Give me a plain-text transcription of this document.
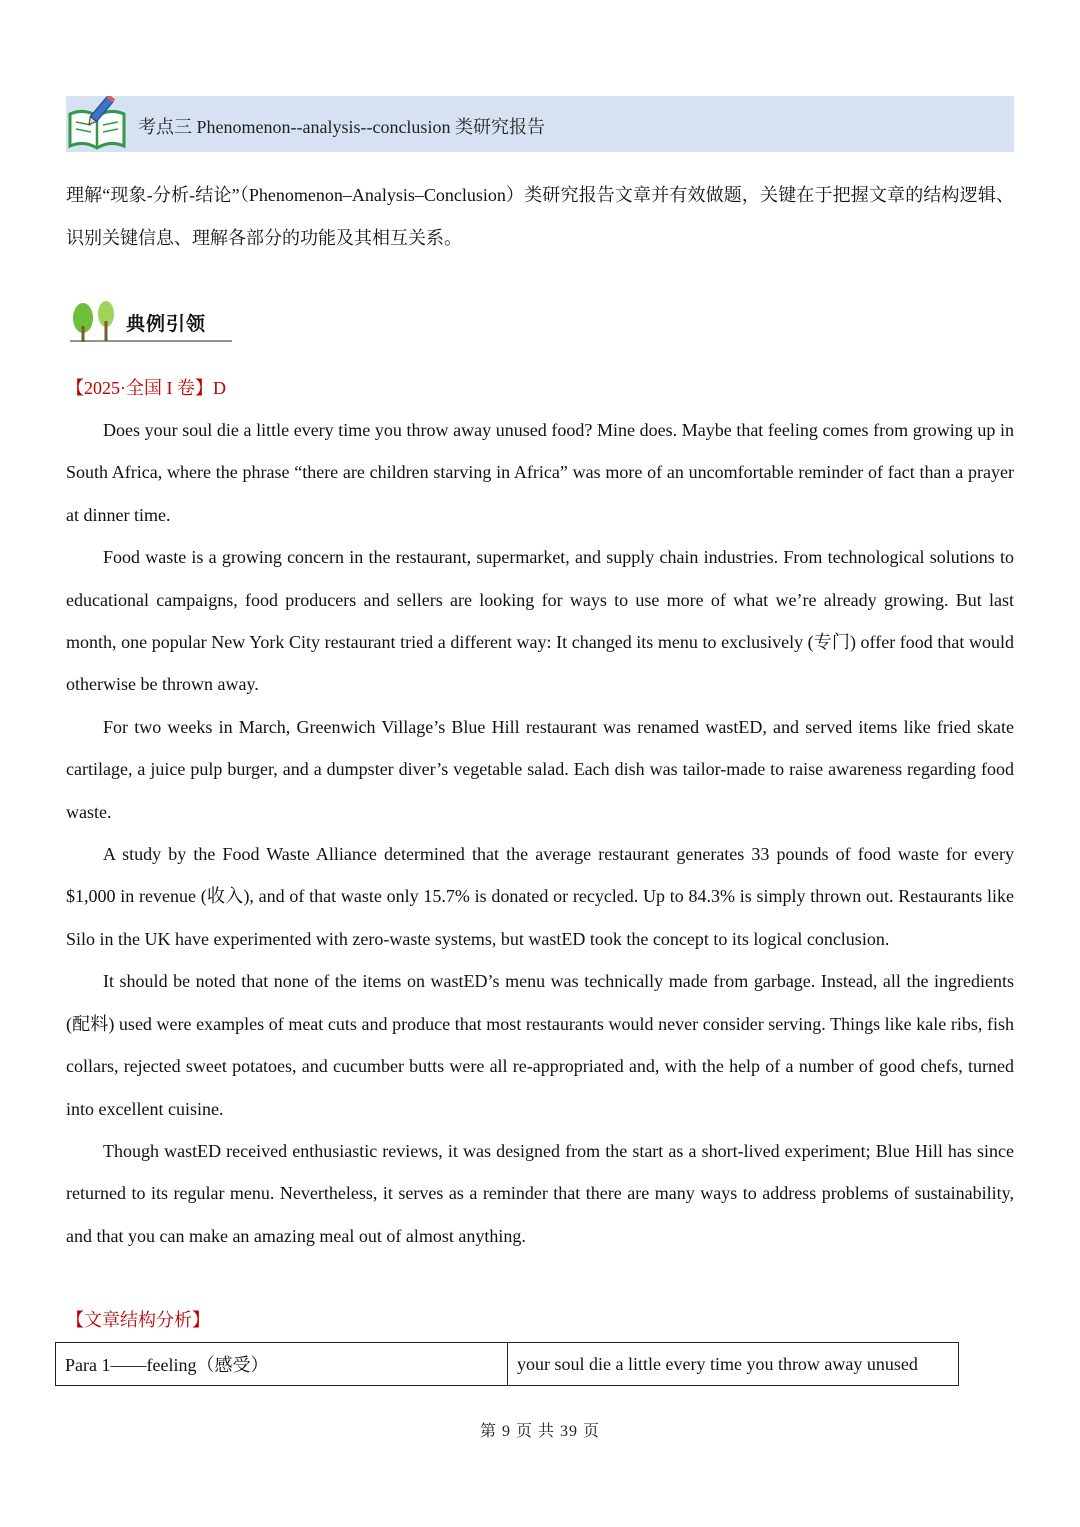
考点三 Phenomenon--analysis--conclusion 类研究报告

理解“现象-分析-结论”（Phenomenon–Analysis–Conclusion）类研究报告文章并有效做题，关键在于把握文章的结构逻辑、识别关键信息、理解各部分的功能及其相互关系。

典例引领
【2025·全国 I 卷】D

Does your soul die a little every time you throw away unused food? Mine does. Maybe that feeling comes from growing up in South Africa, where the phrase “there are children starving in Africa” was more of an uncomfortable reminder of fact than a prayer at dinner time.

Food waste is a growing concern in the restaurant, supermarket, and supply chain industries. From technological solutions to educational campaigns, food producers and sellers are looking for ways to use more of what we’re already growing. But last month, one popular New York City restaurant tried a different way: It changed its menu to exclusively (专门) offer food that would otherwise be thrown away.

For two weeks in March, Greenwich Village’s Blue Hill restaurant was renamed wastED, and served items like fried skate cartilage, a juice pulp burger, and a dumpster diver’s vegetable salad. Each dish was tailor-made to raise awareness regarding food waste.

A study by the Food Waste Alliance determined that the average restaurant generates 33 pounds of food waste for every $1,000 in revenue (收入), and of that waste only 15.7% is donated or recycled. Up to 84.3% is simply thrown out. Restaurants like Silo in the UK have experimented with zero-waste systems, but wastED took the concept to its logical conclusion.

It should be noted that none of the items on wastED’s menu was technically made from garbage. Instead, all the ingredients (配料) used were examples of meat cuts and produce that most restaurants would never consider serving. Things like kale ribs, fish collars, rejected sweet potatoes, and cucumber butts were all re-appropriated and, with the help of a number of good chefs, turned into excellent cuisine.

Though wastED received enthusiastic reviews, it was designed from the start as a short-lived experiment; Blue Hill has since returned to its regular menu. Nevertheless, it serves as a reminder that there are many ways to address problems of sustainability, and that you can make an amazing meal out of almost anything.

【文章结构分析】
Para 1——feeling（感受）	your soul die a little every time you throw away unused
第 9 页 共 39 页
